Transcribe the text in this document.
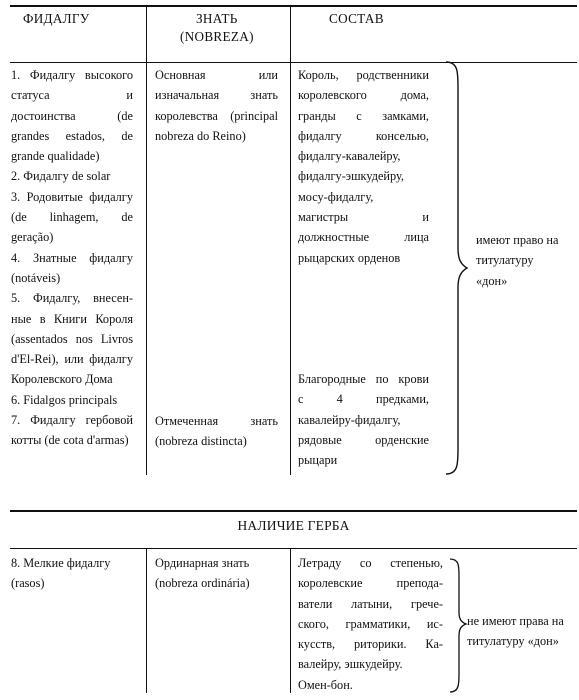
ФИДАЛГУ	ЗНАТЬ
(NOBREZA)
СОСТАВ
1. Фидалгу высокого
статуса и
достоинства (de
grandes estados, de
grande qualidade)
2. Фидалгу de solar
3. Родовитые фидалгу
(de linhagem, de
geração)
4. Знатные фидалгу
(notáveis)
5. Фидалгу, внесен-
ные в Книги Короля
(assentados nos Livros
d'El-Rei), или фидалгу
Королевского Дома
6. Fidalgos principals
7. Фидалгу гербовой
котты (de cota d'armas)
Основная или
изначальная знать
королевства (principal
nobreza do Reino)
Отмеченная знать
(nobreza distincta)
Король, родственники
королевского дома,
гранды с замками,
фидалгу конселью,
фидалгу-кавалейру,
фидалгу-эшкудейру,
мосу-фидалгу,
магистры и
должностные лица
рыцарских орденов
Благородные по крови
с 4 предками,
кавалейру-фидалгу,
рядовые орденские
рыцари
имеют право на
титулатуру
«дон»
НАЛИЧИЕ ГЕРБА
8. Мелкие фидалгу
(rasos)
Ординарная знать
(nobreza ordinária)
Летраду со степенью,
королевские препода-
ватели латыни, грече-
ского, грамматики, ис-
кусств, риторики. Ка-
валейру, эшкудейру.
Омен-бон.
не имеют права на
титулатуру «дон»
